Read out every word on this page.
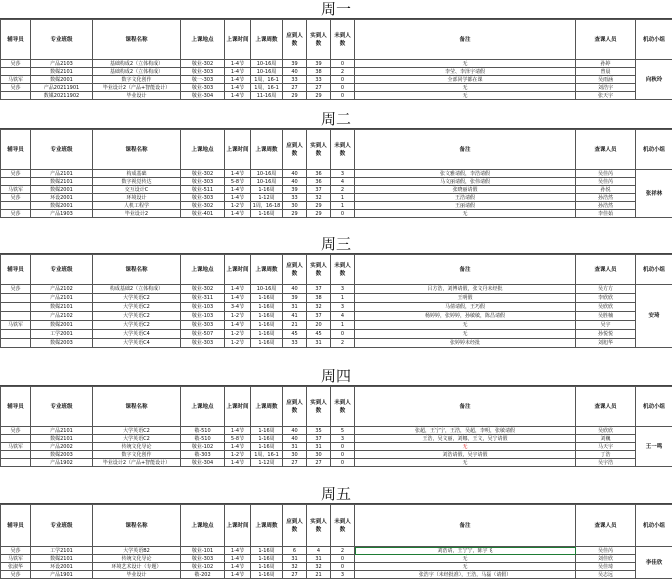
周一
辅导员	专业班级	课程名称	上课地点	上课时间	上课周数	应到人数	实到人数	未到人数	备注	查课人员	机动小组
吴莎	产品2103	基础构成2（立体构成）	敬业-302	1-4节	10-16周	39	39	0	无	孙婷	向秋玲
	数媒2101	基础构成2（立体构成）	敬业-303	1-4节	10-16周	40	38	2	李莹、李泽宇请假	曾晨	
马铁军	数媒2001	数字文化创作	敬一-303	1-4节	1周，16-1	33	33	0	全部同学都在课	吴雨涵	
吴莎	产品20211901	毕业设计2（产品+智能设计）	敬业-303	1-4节	1周，16-1	27	27	0	无	刘浩宇	
	数媒20211902	毕业设计	敬业-304	1-4节	11-16周	29	29	0	无	张天宇	
周二
辅导员	专业班级	课程名称	上课地点	上课时间	上课周数	应到人数	实到人数	未到人数	备注	查课人员	机动小组
吴莎	产品2101	构成基础	敬业-302	1-4节	10-16周	40	36	3	张文雅请假，李浩请假	吴佳芮	张祥林
	数媒2101	数字视觉传达	敬业-303	5-8节	10-16周	40	36	4	马文丽请假，张伟请假	吴佳芮	
马铁军	数媒2001	交互设计C	敬业-511	1-4节	1-16周	39	37	2	张晓丽请假	孙悦	
吴莎	环设2001	环境设计	敬业-303	1-4节	1-12周	33	32	1	王浩请假	孙浩然	
	数媒2001	人机工程学	敬业-302	1-2节	1周，16-18	30	29	1	王丽请假	孙浩然	
吴莎	产品1903	毕业设计2	敬业-401	1-4节	1-16周	29	29	0	无	李佳茹	
周三
辅导员	专业班级	课程名称	上课地点	上课时间	上课周数	应到人数	实到人数	未到人数	备注	查课人员	机动小组
吴莎	产品2102	构成基础2（立体构成）	敬业-302	1-4节	10-16周	40	37	3	吕方浩，刘博请假，张文丹未经批	吴方方	安琦
	产品2101	大学英语C2	敬业-311	1-4节	1-16周	39	38	1	王明假	李欣欣	
	数媒2101	大学英语C2	敬业-103	3-4节	1-16周	31	32	3	马倩请假，王巧假	吴欣欣	
	产品2102	大学英语C2	敬业-103	1-2节	1-16周	41	37	4	杨婷婷，张婷婷，孙敏敏，陈昌请假	吴胜楠	
马铁军	数媒2001	大学英语C2	敬业-303	1-4节	1-16周	21	20	1	无	吴宇	
	工学2001	大学英语C4	敬业-507	1-2节	1-16周	45	45	0	无	孙悦悦	
	数媒2003	大学英语C4	敬业-303	1-2节	1-16周	33	31	2	张婷婷未经批	刘旭华	
周四
辅导员	专业班级	课程名称	上课地点	上课时间	上课周数	应到人数	实到人数	未到人数	备注	查课人员	机动小组
吴莎	产品2101	大学英语C2	敬-510	1-4节	1-16周	40	35	5	张超，王宁宁，王浩，吴超，李明，张敏请假	吴欣欣	王一鸣
	数媒2101	大学英语C2	敬-510	5-8节	1-16周	40	37	3	王浩，吴文丽，刘娜，王文，吴宁请假	刘巍	
马铁军	产品2002	传统文化导论	敬业-102	1-4节	1-16周	31	31	0	无	马天宇	
	数媒2003	数字文化创作	敬-303	1-2节	1周，16-1	30	30	0	刘浩请假，吴宇请假	丁浩	
	产品1902	毕业设计2（产品+智能设计）	敬业-304	1-4节	1-12周	27	27	0	无	吴宇浩	
周五
辅导员	专业班级	课程名称	上课地点	上课时间	上课周数	应到人数	实到人数	未到人数	备注	查课人员	机动小组
吴莎	工学2101	大学英语B2	敬业-101	1-4节	1-16周	6	4	2	刘浩请，王宁宁，陈宇飞	吴佳芮	李佳欣
马铁军	数媒2101	传统文化导论	敬业-303	1-4节	1-16周	31	31	0	无	刘佳欣	
张淑华	环设2001	环境艺术设计（专题）	敬业-102	1-4节	1-16周	32	32	0	无	吴佳琦	
吴莎	产品1901	毕业设计	敬-202	1-4节	1-16周	27	21	3	张浩宇（未经批准），王浩，马磊（请假）	吴志远	
